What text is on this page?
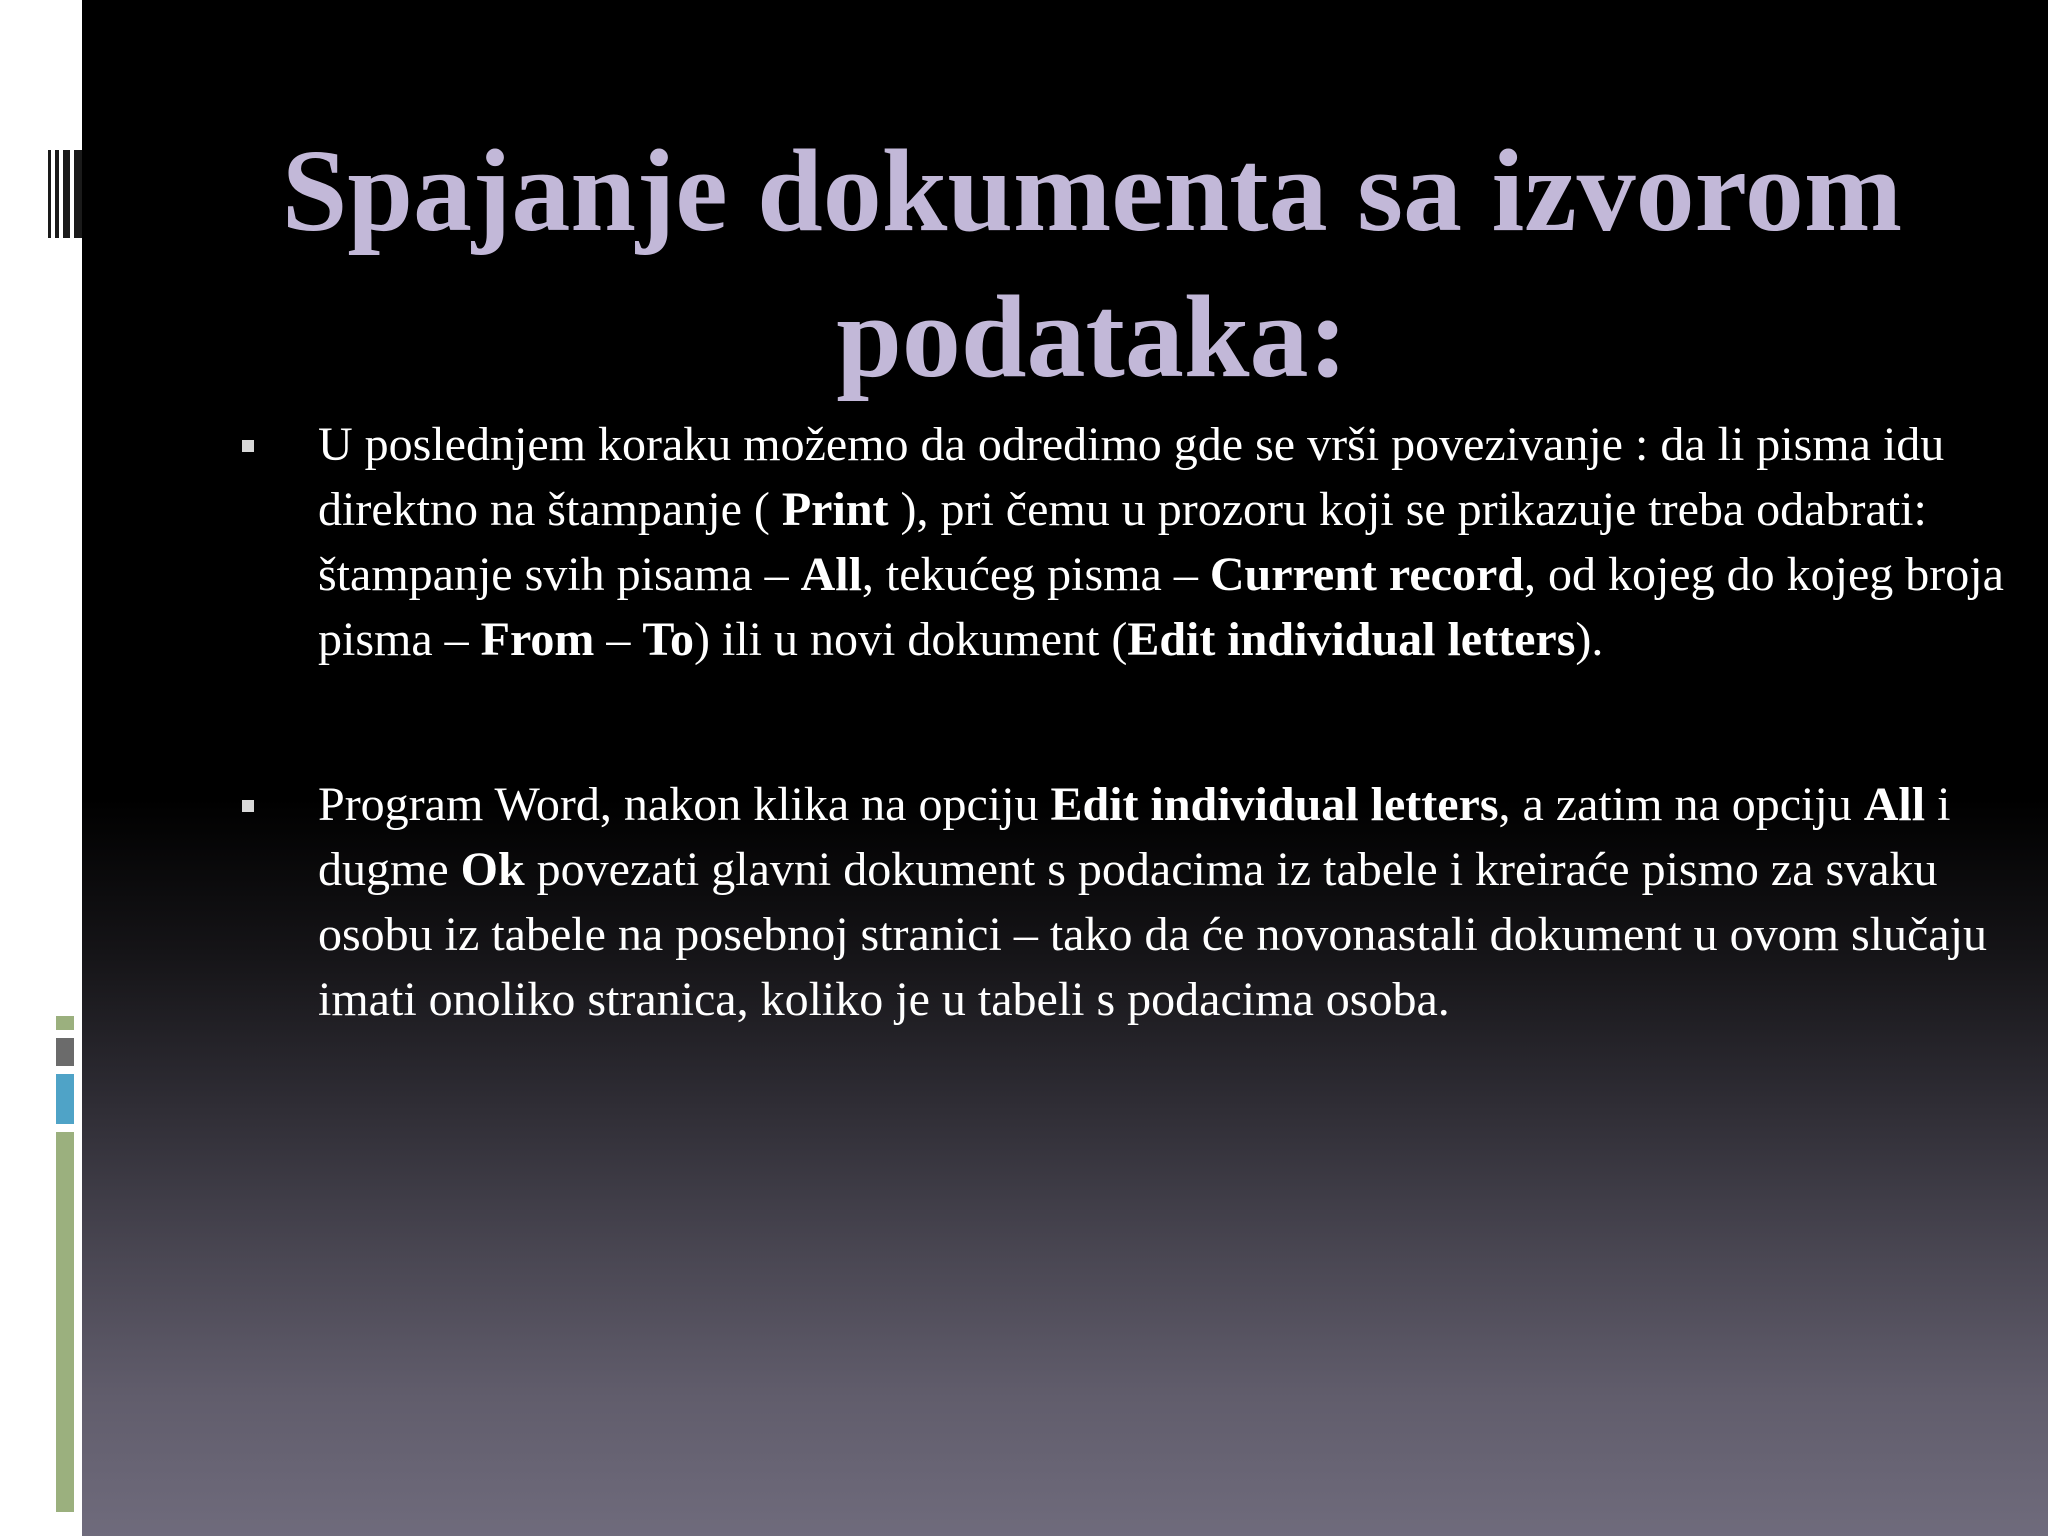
Spajanje dokumenta sa izvorom
podataka:
U poslednjem koraku možemo da odredimo gde se vrši povezivanje : da li pisma idu direktno na štampanje ( Print ), pri čemu u prozoru koji se prikazuje treba odabrati: štampanje svih pisama – All, tekućeg pisma – Current record, od kojeg do kojeg broja pisma – From – To) ili u novi dokument (Edit individual letters).
Program Word, nakon klika na opciju Edit individual letters, a zatim na opciju All i dugme Ok povezati glavni dokument s podacima iz tabele i kreiraće pismo za svaku osobu iz tabele na posebnoj stranici – tako da će novonastali dokument u ovom slučaju imati onoliko stranica, koliko je u tabeli s podacima osoba.
